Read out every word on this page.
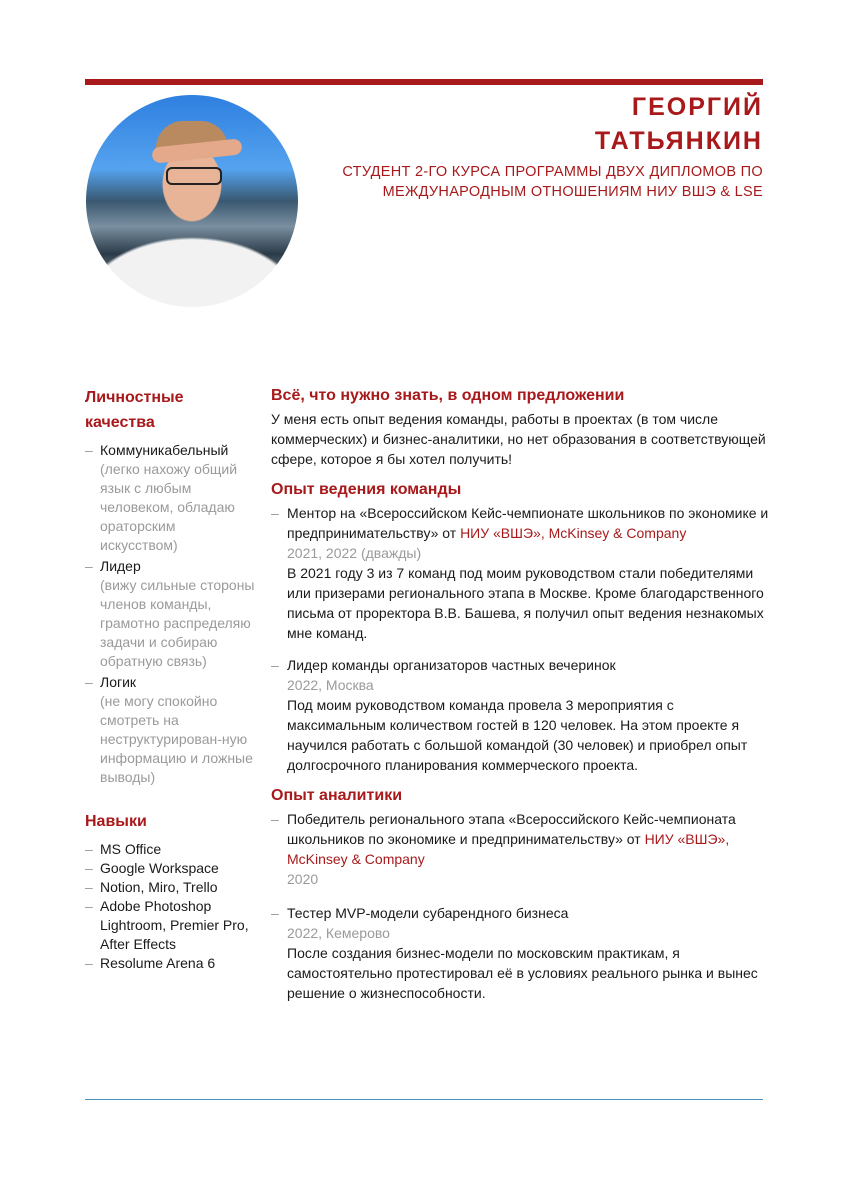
ГЕОРГИЙ
ТАТЬЯНКИН
СТУДЕНТ 2-ГО КУРСА ПРОГРАММЫ ДВУХ ДИПЛОМОВ ПО
МЕЖДУНАРОДНЫМ ОТНОШЕНИЯМ НИУ ВШЭ & LSE
Личностные
качества
– Коммуникабельный
(легко нахожу общий язык с любым человеком, обладаю ораторским искусством)
– Лидер
(вижу сильные стороны членов команды, грамотно распределяю задачи и собираю обратную связь)
– Логик
(не могу спокойно смотреть на неструктурирован-ную информацию и ложные выводы)
Навыки
– MS Office
– Google Workspace
– Notion, Miro, Trello
– Adobe Photoshop Lightroom, Premier Pro, After Effects
– Resolume Arena 6
Всё, что нужно знать, в одном предложении
У меня есть опыт ведения команды, работы в проектах (в том числе коммерческих) и бизнес-аналитики, но нет образования в соответствующей сфере, которое я бы хотел получить!
Опыт ведения команды
– Ментор на «Всероссийском Кейс-чемпионате школьников по экономике и предпринимательству» от НИУ «ВШЭ», McKinsey & Company
2021, 2022 (дважды)
В 2021 году 3 из 7 команд под моим руководством стали победителями или призерами регионального этапа в Москве. Кроме благодарственного письма от проректора В.В. Башева, я получил опыт ведения незнакомых мне команд.
– Лидер команды организаторов частных вечеринок
2022, Москва
Под моим руководством команда провела 3 мероприятия с максимальным количеством гостей в 120 человек. На этом проекте я научился работать с большой командой (30 человек) и приобрел опыт долгосрочного планирования коммерческого проекта.
Опыт аналитики
– Победитель регионального этапа «Всероссийского Кейс-чемпионата школьников по экономике и предпринимательству» от НИУ «ВШЭ», McKinsey & Company
2020
– Тестер MVP-модели субарендного бизнеса
2022, Кемерово
После создания бизнес-модели по московским практикам, я самостоятельно протестировал её в условиях реального рынка и вынес решение о жизнеспособности.
